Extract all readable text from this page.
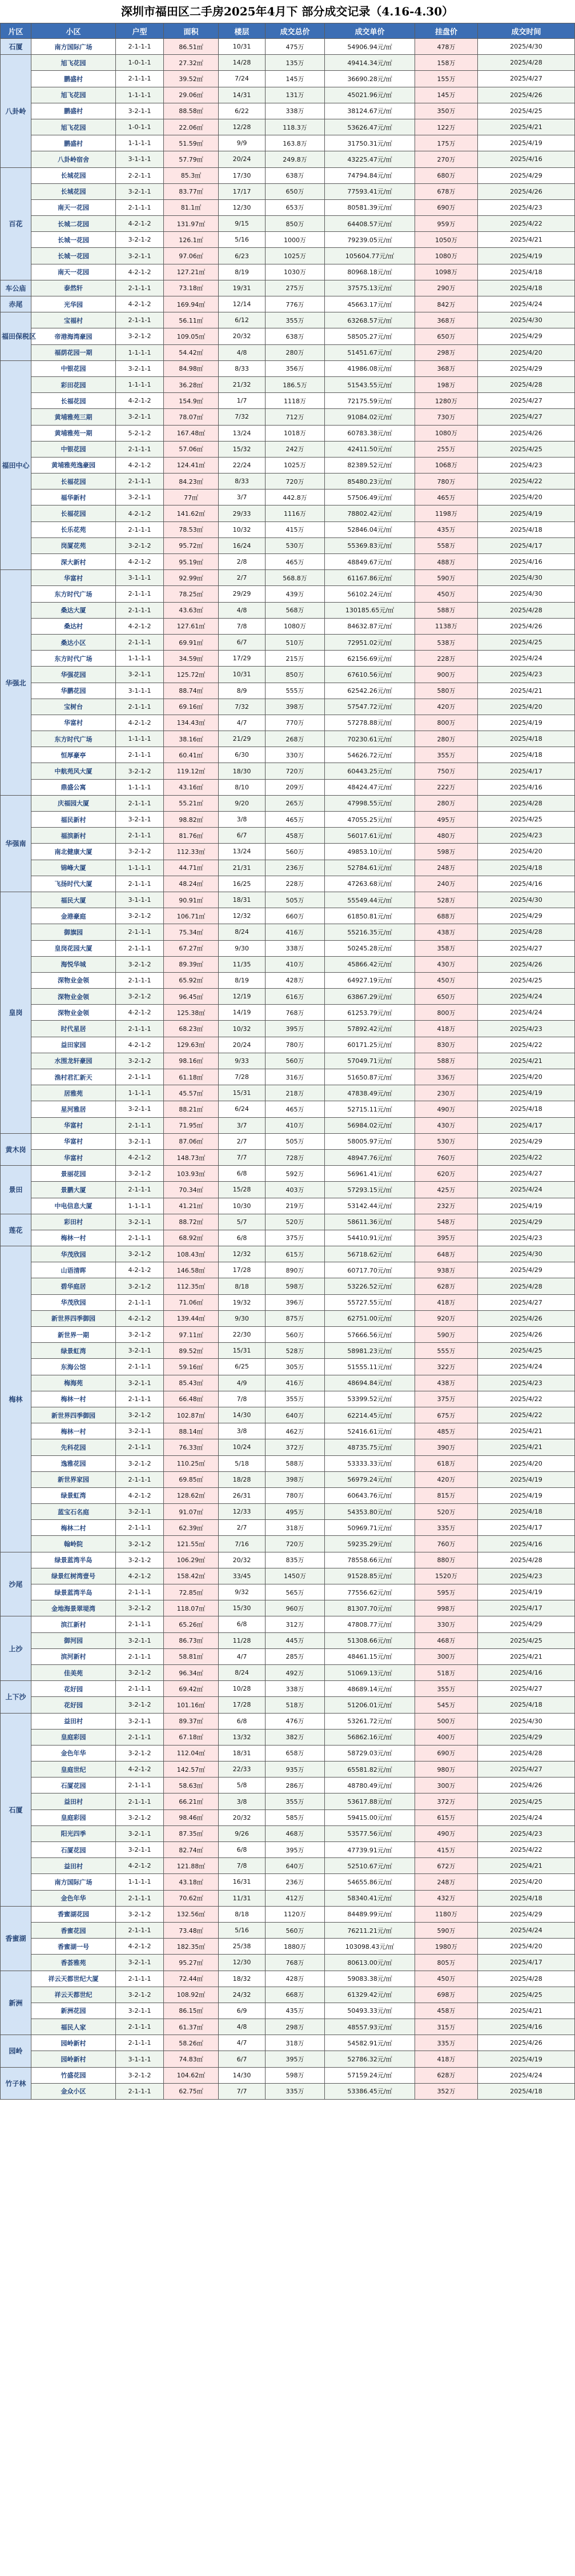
深圳市福田区二手房2025年4月下 部分成交记录（4.16-4.30）
片区	小区	户型	面积	楼层	成交总价	成交单价	挂盘价	成交时间
石厦	南方国际广场	2-1-1-1	86.51㎡	10/31	475万	54906.94元/㎡	478万	2025/4/30
八卦岭	旭飞花园	1-0-1-1	27.32㎡	14/28	135万	49414.34元/㎡	158万	2025/4/28
	鹏盛村	2-1-1-1	39.52㎡	7/24	145万	36690.28元/㎡	155万	2025/4/27
	旭飞花园	1-1-1-1	29.06㎡	14/31	131万	45021.96元/㎡	145万	2025/4/26
	鹏盛村	3-2-1-1	88.58㎡	6/22	338万	38124.67元/㎡	350万	2025/4/25
	旭飞花园	1-0-1-1	22.06㎡	12/28	118.3万	53626.47元/㎡	122万	2025/4/21
	鹏盛村	1-1-1-1	51.59㎡	9/9	163.8万	31750.31元/㎡	175万	2025/4/19
	八卦岭宿舍	3-1-1-1	57.79㎡	20/24	249.8万	43225.47元/㎡	270万	2025/4/16
百花	长城花园	2-2-1-1	85.3㎡	17/30	638万	74794.84元/㎡	680万	2025/4/29
	长城花园	3-2-1-1	83.77㎡	17/17	650万	77593.41元/㎡	678万	2025/4/26
	南天一花园	2-1-1-1	81.1㎡	12/30	653万	80581.39元/㎡	690万	2025/4/23
	长城二花园	4-2-1-2	131.97㎡	9/15	850万	64408.57元/㎡	959万	2025/4/22
	长城一花园	3-2-1-2	126.1㎡	5/16	1000万	79239.05元/㎡	1050万	2025/4/21
	长城一花园	3-2-1-1	97.06㎡	6/23	1025万	105604.77元/㎡	1080万	2025/4/19
	南天一花园	4-2-1-2	127.21㎡	8/19	1030万	80968.18元/㎡	1098万	2025/4/18
车公庙	泰然轩	2-1-1-1	73.18㎡	19/31	275万	37575.13元/㎡	290万	2025/4/18
赤尾	光华园	4-2-1-2	169.94㎡	12/14	776万	45663.17元/㎡	842万	2025/4/24
福田保税区	宝福村	2-1-1-1	56.11㎡	6/12	355万	63268.57元/㎡	368万	2025/4/30
	帝港海湾豪园	3-2-1-2	109.05㎡	20/32	638万	58505.27元/㎡	650万	2025/4/29
	福荫花园一期	1-1-1-1	54.42㎡	4/8	280万	51451.67元/㎡	298万	2025/4/20
福田中心	中银花园	3-2-1-1	84.98㎡	8/33	356万	41986.08元/㎡	368万	2025/4/29
	彩田花园	1-1-1-1	36.28㎡	21/32	186.5万	51543.55元/㎡	198万	2025/4/28
	长福花园	4-2-1-2	154.9㎡	1/7	1118万	72175.59元/㎡	1280万	2025/4/27
	黄埔雅苑三期	3-2-1-1	78.07㎡	7/32	712万	91084.02元/㎡	730万	2025/4/27
	黄埔雅苑一期	5-2-1-2	167.48㎡	13/24	1018万	60783.38元/㎡	1080万	2025/4/26
	中银花园	2-1-1-1	57.06㎡	15/32	242万	42411.50元/㎡	255万	2025/4/25
	黄埔雅苑逸豪园	4-2-1-2	124.41㎡	22/24	1025万	82389.52元/㎡	1068万	2025/4/23
	长福花园	2-1-1-1	84.23㎡	8/33	720万	85480.23元/㎡	780万	2025/4/22
	福华新村	3-2-1-1	77㎡	3/7	442.8万	57506.49元/㎡	465万	2025/4/20
	长福花园	4-2-1-2	141.62㎡	29/33	1116万	78802.42元/㎡	1198万	2025/4/19
	长乐花苑	2-1-1-1	78.53㎡	10/32	415万	52846.04元/㎡	435万	2025/4/18
	岗厦花苑	3-2-1-2	95.72㎡	16/24	530万	55369.83元/㎡	558万	2025/4/17
	深大新村	4-2-1-2	95.19㎡	2/8	465万	48849.67元/㎡	488万	2025/4/16
华强北	华富村	3-1-1-1	92.99㎡	2/7	568.8万	61167.86元/㎡	590万	2025/4/30
	东方时代广场	2-1-1-1	78.25㎡	29/29	439万	56102.24元/㎡	450万	2025/4/30
	桑达大厦	2-1-1-1	43.63㎡	4/8	568万	130185.65元/㎡	588万	2025/4/28
	桑达村	4-2-1-2	127.61㎡	7/8	1080万	84632.87元/㎡	1138万	2025/4/26
	桑达小区	2-1-1-1	69.91㎡	6/7	510万	72951.02元/㎡	538万	2025/4/25
	东方时代广场	1-1-1-1	34.59㎡	17/29	215万	62156.69元/㎡	228万	2025/4/24
	华强花园	3-2-1-1	125.72㎡	10/31	850万	67610.56元/㎡	900万	2025/4/23
	华鹏花园	3-1-1-1	88.74㎡	8/9	555万	62542.26元/㎡	580万	2025/4/21
	宝树台	2-1-1-1	69.16㎡	7/32	398万	57547.72元/㎡	420万	2025/4/20
	华富村	4-2-1-2	134.43㎡	4/7	770万	57278.88元/㎡	800万	2025/4/19
	东方时代广场	1-1-1-1	38.16㎡	21/29	268万	70230.61元/㎡	280万	2025/4/18
	恒厚豪亭	2-1-1-1	60.41㎡	6/30	330万	54626.72元/㎡	355万	2025/4/18
	中航苑风大厦	3-2-1-2	119.12㎡	18/30	720万	60443.25元/㎡	750万	2025/4/17
	鼎盛公寓	1-1-1-1	43.16㎡	8/10	209万	48424.47元/㎡	222万	2025/4/16
华强南	庆福园大厦	2-1-1-1	55.21㎡	9/20	265万	47998.55元/㎡	280万	2025/4/28
	福民新村	3-2-1-1	98.82㎡	3/8	465万	47055.25元/㎡	495万	2025/4/25
	福滨新村	2-1-1-1	81.76㎡	6/7	458万	56017.61元/㎡	480万	2025/4/23
	南北健康大厦	3-2-1-2	112.33㎡	13/24	560万	49853.10元/㎡	598万	2025/4/20
	锦峰大厦	1-1-1-1	44.71㎡	21/31	236万	52784.61元/㎡	248万	2025/4/18
	飞扬时代大厦	2-1-1-1	48.24㎡	16/25	228万	47263.68元/㎡	240万	2025/4/16
皇岗	福民大厦	3-1-1-1	90.91㎡	18/31	505万	55549.44元/㎡	528万	2025/4/30
	金港豪庭	3-2-1-2	106.71㎡	12/32	660万	61850.81元/㎡	688万	2025/4/29
	御旗园	2-1-1-1	75.34㎡	8/24	416万	55216.35元/㎡	438万	2025/4/28
	皇岗花园大厦	2-1-1-1	67.27㎡	9/30	338万	50245.28元/㎡	358万	2025/4/27
	海悦华城	3-2-1-2	89.39㎡	11/35	410万	45866.42元/㎡	430万	2025/4/26
	深物业金领	2-1-1-1	65.92㎡	8/19	428万	64927.19元/㎡	450万	2025/4/25
	深物业金领	3-2-1-2	96.45㎡	12/19	616万	63867.29元/㎡	650万	2025/4/24
	深物业金领	4-2-1-2	125.38㎡	14/19	768万	61253.79元/㎡	800万	2025/4/24
	时代星居	2-1-1-1	68.23㎡	10/32	395万	57892.42元/㎡	418万	2025/4/23
	益田家园	4-2-1-2	129.63㎡	20/24	780万	60171.25元/㎡	830万	2025/4/22
	水围龙轩豪园	3-2-1-2	98.16㎡	9/33	560万	57049.71元/㎡	588万	2025/4/21
	渔村君汇新天	2-1-1-1	61.18㎡	7/28	316万	51650.87元/㎡	336万	2025/4/20
	居雅苑	1-1-1-1	45.57㎡	15/31	218万	47838.49元/㎡	230万	2025/4/19
	星河雅居	3-2-1-1	88.21㎡	6/24	465万	52715.11元/㎡	490万	2025/4/18
	华富村	2-1-1-1	71.95㎡	3/7	410万	56984.02元/㎡	430万	2025/4/17
黄木岗	华富村	3-2-1-1	87.06㎡	2/7	505万	58005.97元/㎡	530万	2025/4/29
	华富村	4-2-1-2	148.73㎡	7/7	728万	48947.76元/㎡	760万	2025/4/22
景田	景丽花园	3-2-1-2	103.93㎡	6/8	592万	56961.41元/㎡	620万	2025/4/27
	景鹏大厦	2-1-1-1	70.34㎡	15/28	403万	57293.15元/㎡	425万	2025/4/24
	中电信息大厦	1-1-1-1	41.21㎡	10/30	219万	53142.44元/㎡	232万	2025/4/19
莲花	彩田村	3-2-1-1	88.72㎡	5/7	520万	58611.36元/㎡	548万	2025/4/29
	梅林一村	2-1-1-1	68.92㎡	6/8	375万	54410.91元/㎡	395万	2025/4/23
梅林	华茂欣园	3-2-1-2	108.43㎡	12/32	615万	56718.62元/㎡	648万	2025/4/30
	山语清晖	4-2-1-2	146.58㎡	17/28	890万	60717.70元/㎡	938万	2025/4/29
	碧华庭居	3-2-1-2	112.35㎡	8/18	598万	53226.52元/㎡	628万	2025/4/28
	华茂欣园	2-1-1-1	71.06㎡	19/32	396万	55727.55元/㎡	418万	2025/4/27
	新世界四季御园	4-2-1-2	139.44㎡	9/30	875万	62751.00元/㎡	920万	2025/4/26
	新世界一期	3-2-1-2	97.11㎡	22/30	560万	57666.56元/㎡	590万	2025/4/26
	绿景虹湾	3-2-1-1	89.52㎡	15/31	528万	58981.23元/㎡	555万	2025/4/25
	东海公馆	2-1-1-1	59.16㎡	6/25	305万	51555.11元/㎡	322万	2025/4/24
	梅海苑	3-2-1-1	85.43㎡	4/9	416万	48694.84元/㎡	438万	2025/4/23
	梅林一村	2-1-1-1	66.48㎡	7/8	355万	53399.52元/㎡	375万	2025/4/22
	新世界四季御园	3-2-1-2	102.87㎡	14/30	640万	62214.45元/㎡	675万	2025/4/22
	梅林一村	3-2-1-1	88.14㎡	3/8	462万	52416.61元/㎡	485万	2025/4/21
	先科花园	2-1-1-1	76.33㎡	10/24	372万	48735.75元/㎡	390万	2025/4/21
	逸雅花园	3-2-1-2	110.25㎡	5/18	588万	53333.33元/㎡	618万	2025/4/20
	新世界家园	2-1-1-1	69.85㎡	18/28	398万	56979.24元/㎡	420万	2025/4/19
	绿景虹湾	4-2-1-2	128.62㎡	26/31	780万	60643.76元/㎡	815万	2025/4/19
	蓝宝石名庭	3-2-1-1	91.07㎡	12/33	495万	54353.80元/㎡	520万	2025/4/18
	梅林二村	2-1-1-1	62.39㎡	2/7	318万	50969.71元/㎡	335万	2025/4/17
	翰岭院	3-2-1-2	121.55㎡	7/16	720万	59235.29元/㎡	760万	2025/4/16
沙尾	绿景蓝湾半岛	3-2-1-2	106.29㎡	20/32	835万	78558.66元/㎡	880万	2025/4/28
	绿景红树湾壹号	4-2-1-2	158.42㎡	33/45	1450万	91528.85元/㎡	1520万	2025/4/23
	绿景蓝湾半岛	2-1-1-1	72.85㎡	9/32	565万	77556.62元/㎡	595万	2025/4/19
	金地海景翠堤湾	3-2-1-2	118.07㎡	15/30	960万	81307.70元/㎡	998万	2025/4/17
上沙	滨江新村	2-1-1-1	65.26㎡	6/8	312万	47808.77元/㎡	330万	2025/4/29
	御河园	3-2-1-1	86.73㎡	11/28	445万	51308.66元/㎡	468万	2025/4/25
	滨河新村	2-1-1-1	58.81㎡	4/7	285万	48461.15元/㎡	300万	2025/4/21
	佳美苑	3-2-1-2	96.34㎡	8/24	492万	51069.13元/㎡	518万	2025/4/16
上下沙	花好园	2-1-1-1	69.42㎡	10/28	338万	48689.14元/㎡	355万	2025/4/27
	花好园	3-2-1-2	101.16㎡	17/28	518万	51206.01元/㎡	545万	2025/4/18
石厦	益田村	3-2-1-1	89.37㎡	6/8	476万	53261.72元/㎡	500万	2025/4/30
	皇庭彩园	2-1-1-1	67.18㎡	13/32	382万	56862.16元/㎡	400万	2025/4/29
	金色年华	3-2-1-2	112.04㎡	18/31	658万	58729.03元/㎡	690万	2025/4/28
	皇庭世纪	4-2-1-2	142.57㎡	22/33	935万	65581.82元/㎡	980万	2025/4/27
	石厦花园	2-1-1-1	58.63㎡	5/8	286万	48780.49元/㎡	300万	2025/4/26
	益田村	2-1-1-1	66.21㎡	3/8	355万	53617.88元/㎡	372万	2025/4/25
	皇庭彩园	3-2-1-2	98.46㎡	20/32	585万	59415.00元/㎡	615万	2025/4/24
	阳光四季	3-2-1-1	87.35㎡	9/26	468万	53577.56元/㎡	490万	2025/4/23
	石厦花园	3-2-1-1	82.74㎡	6/8	395万	47739.91元/㎡	415万	2025/4/22
	益田村	4-2-1-2	121.88㎡	7/8	640万	52510.67元/㎡	672万	2025/4/21
	南方国际广场	1-1-1-1	43.18㎡	16/31	236万	54655.86元/㎡	248万	2025/4/20
	金色年华	2-1-1-1	70.62㎡	11/31	412万	58340.41元/㎡	432万	2025/4/18
香蜜湖	香蜜湖花园	3-2-1-2	132.56㎡	8/18	1120万	84489.99元/㎡	1180万	2025/4/29
	香蜜花园	2-1-1-1	73.48㎡	5/16	560万	76211.21元/㎡	590万	2025/4/24
	香蜜湖一号	4-2-1-2	182.35㎡	25/38	1880万	103098.43元/㎡	1980万	2025/4/20
	香荟雅苑	3-2-1-1	95.27㎡	12/30	768万	80613.00元/㎡	805万	2025/4/17
新洲	祥云天都世纪大厦	2-1-1-1	72.44㎡	18/32	428万	59083.38元/㎡	450万	2025/4/28
	祥云天都世纪	3-2-1-2	108.92㎡	24/32	668万	61329.42元/㎡	698万	2025/4/25
	新洲花园	3-2-1-1	86.15㎡	6/9	435万	50493.33元/㎡	458万	2025/4/21
	福民人家	2-1-1-1	61.37㎡	4/8	298万	48557.93元/㎡	315万	2025/4/16
园岭	园岭新村	2-1-1-1	58.26㎡	4/7	318万	54582.91元/㎡	335万	2025/4/26
	园岭新村	3-1-1-1	74.83㎡	6/7	395万	52786.32元/㎡	418万	2025/4/19
竹子林	竹盛花园	3-2-1-2	104.62㎡	14/30	598万	57159.24元/㎡	628万	2025/4/24
	金众小区	2-1-1-1	62.75㎡	7/7	335万	53386.45元/㎡	352万	2025/4/18
